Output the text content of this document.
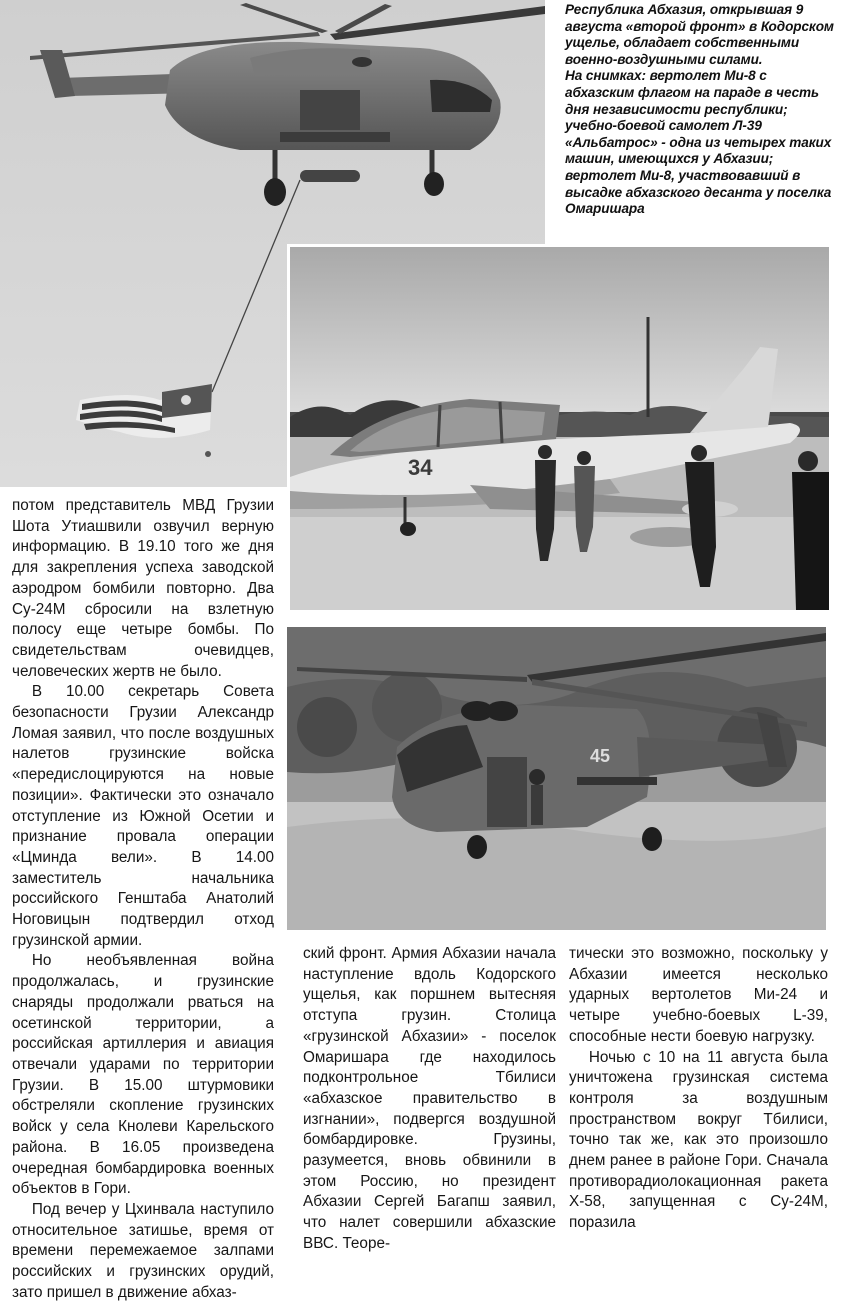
34
45

Республика Абхазия, открывшая 9 августа «второй фронт» в Кодорском ущелье, обладает собственными военно-воздушными силами.

На снимках: вертолет Ми-8 с абхазским флагом на параде в честь дня независимости республики;

учебно-боевой самолет Л-39 «Альбатрос» - одна из четырех таких машин, имеющихся у Абхазии;

вертолет Ми-8, участвовавший в высадке абхазского десанта у поселка Омаришара

потом представитель МВД Грузии Шота Утиашвили озвучил верную информацию. В 19.10 того же дня для закрепления успеха заводской аэродром бомбили повторно. Два Су-24М сбросили на взлетную полосу еще четыре бомбы. По свидетельствам очевидцев, человеческих жертв не было.

В 10.00 секретарь Совета безопасности Грузии Александр Ломая заявил, что после воздушных налетов грузинские войска «передислоцируются на новые позиции». Фактически это означало отступление из Южной Осетии и признание провала операции «Цминда вели». В 14.00 заместитель начальника российского Генштаба Анатолий Ноговицын подтвердил отход грузинской армии.

Но необъявленная война продолжалась, и грузинские снаряды продолжали рваться на осетинской территории, а российская артиллерия и авиация отвечали ударами по территории Грузии. В 15.00 штурмовики обстреляли скопление грузинских войск у села Кнолеви Карельского района. В 16.05 произведена очередная бомбардировка военных объектов в Гори.

Под вечер у Цхинвала наступило относительное затишье, время от времени перемежаемое залпами российских и грузинских орудий, зато пришел в движение абхаз-

ский фронт. Армия Абхазии начала наступление вдоль Кодорского ущелья, как поршнем вытесняя отступа грузин. Столица «грузинской Абхазии» - поселок Омаришара где находилось подконтрольное Тбилиси «абхазское правительство в изгнании», подвергся воздушной бомбардировке. Грузины, разумеется, вновь обвинили в этом Россию, но президент Абхазии Сергей Багапш заявил, что налет совершили абхазские ВВС. Теоре-

тически это возможно, поскольку у Абхазии имеется несколько ударных вертолетов Ми-24 и четыре учебно-боевых L-39, способные нести боевую нагрузку.

Ночью с 10 на 11 августа была уничтожена грузинская система контроля за воздушным пространством вокруг Тбилиси, точно так же, как это произошло днем ранее в районе Гори. Сначала противорадиолокационная ракета Х-58, запущенная с Су-24М, поразила
